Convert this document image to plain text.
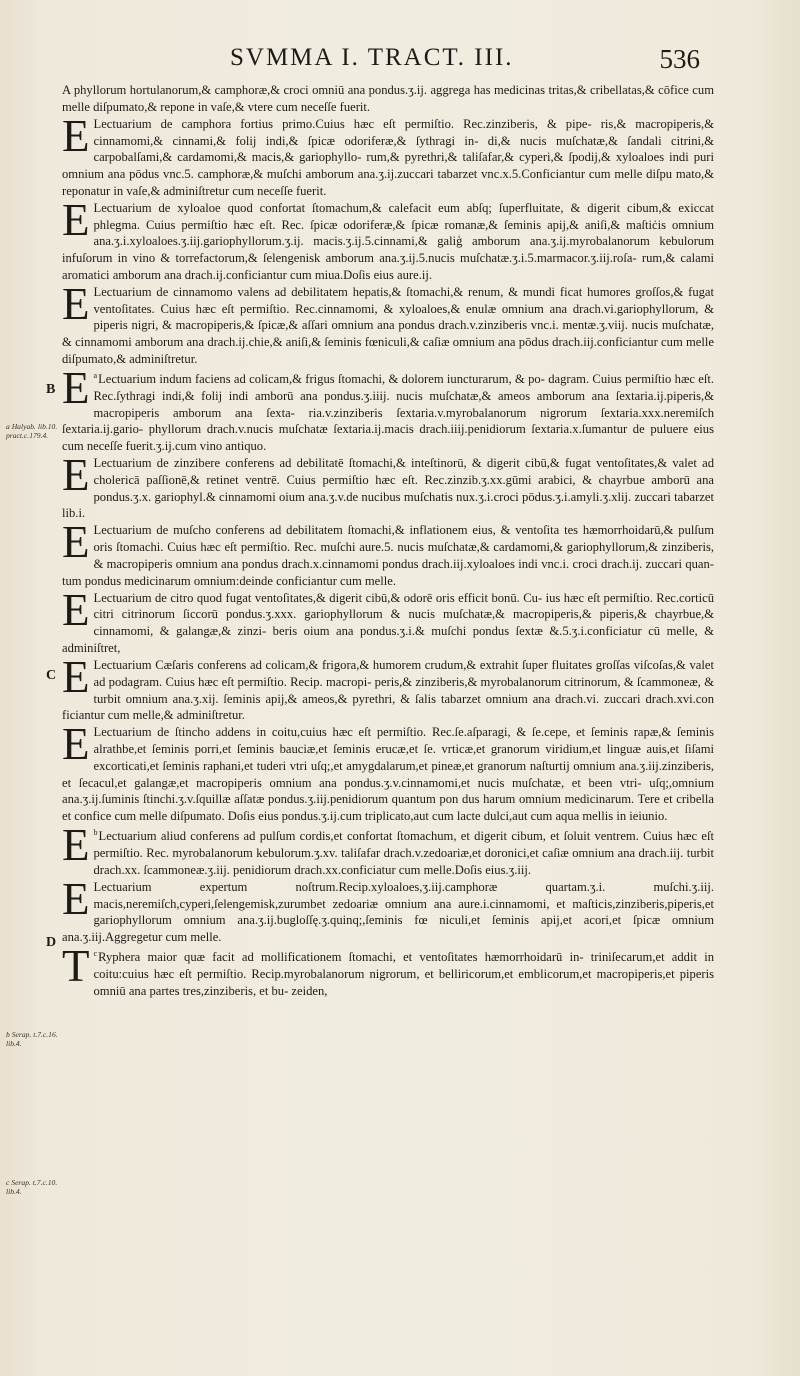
SVMMA I. TRACT. III.	536

A phyllorum hortulanorum,& camphoræ,& croci omniū ana pondus.ʒ.ij. aggrega has medicinas tritas,& cribellatas,& cōfice cum melle diſpumato,& repone in vaſe,& vtere cum neceſſe fuerit.

E Lectuarium de camphora fortius primo.Cuius hæc eſt permiſtio. Rec.zinziberis, & pipe- ris,& macropiperis,& cinnamomi,& cinnami,& folij indi,& ſpicæ odoriferæ,& ſythragi in- di,& nucis muſchatæ,& ſandali citrini,& carpobalſami,& cardamomi,& macis,& gariophyllo- rum,& pyrethri,& taliſafar,& cyperi,& ſpodij,& xyloaloes indi puri omnium ana pōdus vnc.5. camphoræ,& muſchi amborum ana.ʒ.ij.zuccari tabarzet vnc.x.5.Conficiantur cum melle diſpu mato,& reponatur in vaſe,& adminiſtretur cum neceſſe fuerit.

E Lectuarium de xyloaloe quod confortat ſtomachum,& calefacit eum abſq; ſuperfluitate, & digerit cibum,& exiccat phlegma. Cuius permiſtio hæc eſt. Rec. ſpicæ odoriferæ,& ſpicæ romanæ,& ſeminis apij,& aniſi,& maſtiċis omnium ana.ʒ.i.xyloaloes.ʒ.iij.gariophyllorum.ʒ.ij. macis.ʒ.ij.5.cinnami,& galiģ amborum ana.ʒ.ij.myrobalanorum kebulorum infuſorum in vino & torrefactorum,& ſelengenisk amborum ana.ʒ.ij.5.nucis muſchatæ.ʒ.i.5.marmacor.ʒ.iij.roſa- rum,& calami aromatici amborum ana drach.ij.conficiantur cum miua.Doſis eius aure.ij.

E Lectuarium de cinnamomo valens ad debilitatem hepatis,& ſtomachi,& renum, & mundi ficat humores groſſos,& fugat ventoſitates. Cuius hæc eſt permiſtio. Rec.cinnamomi, & xyloaloes,& enulæ omnium ana drach.vi.gariophyllorum, & piperis nigri, & macropiperis,& ſpicæ,& aſſari omnium ana pondus drach.v.zinziberis vnc.i. mentæ.ʒ.viij. nucis muſchatæ, & cinnamomi amborum ana drach.ij.chie,& aniſi,& ſeminis fœniculi,& caſiæ omnium ana pōdus drach.iij.conficiantur cum melle diſpumato,& adminiſtretur.

E $^a$Lectuarium indum faciens ad colicam,& frigus ſtomachi, & dolorem iuncturarum, & po- dagram. Cuius permiſtio hæc eſt. Rec.ſythragi indi,& folij indi amborū ana pondus.ʒ.iiij. nucis muſchatæ,& ameos amborum ana ſextaria.ij.piperis,& macropiperis amborum ana ſexta- ria.v.zinziberis ſextaria.v.myrobalanorum nigrorum ſextaria.xxx.neremiſch ſextaria.ij.gario- phyllorum drach.v.nucis muſchatæ ſextaria.ij.macis drach.iiij.penidiorum ſextaria.x.ſumantur de puluere eius cum neceſſe fuerit.ʒ.ij.cum vino antiquo.

E Lectuarium de zinzibere conferens ad debilitatē ſtomachi,& inteſtinorū, & digerit cibū,& fugat ventoſitates,& valet ad cholericā paſſionē,& retinet ventrē. Cuius permiſtio hæc eſt. Rec.zinzib.ʒ.xx.gūmi arabici, & chayrbue amborū ana pondus.ʒ.x. gariophyl.& cinnamomi oium ana.ʒ.v.de nucibus muſchatis nux.ʒ.i.croci pōdus.ʒ.i.amyli.ʒ.xlij. zuccari tabarzet lib.i.

E Lectuarium de muſcho conferens ad debilitatem ſtomachi,& inflationem eius, & ventoſita tes hæmorrhoidarū,& pulſum oris ſtomachi. Cuius hæc eſt permiſtio. Rec. muſchi aure.5. nucis muſchatæ,& cardamomi,& gariophyllorum,& zinziberis, & macropiperis omnium ana pondus drach.x.cinnamomi pondus drach.iij.xyloaloes indi vnc.i. croci drach.ij. zuccari quan- tum pondus medicinarum omnium:deinde conficiantur cum melle.

E Lectuarium de citro quod fugat ventoſitates,& digerit cibū,& odorē oris efficit bonū. Cu- ius hæc eſt permiſtio. Rec.corticū citri citrinorum ſiccorū pondus.ʒ.xxx. gariophyllorum & nucis muſchatæ,& macropiperis,& piperis,& chayrbue,& cinnamomi, & galangæ,& zinzi- beris oium ana pondus.ʒ.i.& muſchi pondus ſextæ &.5.ʒ.i.conficiatur cū melle, & adminiſtret,

E Lectuarium Cæſaris conferens ad colicam,& frigora,& humorem crudum,& extrahit ſuper fluitates groſſas viſcoſas,& valet ad podagram. Cuius hæc eſt permiſtio. Recip. macropi- peris,& zinziberis,& myrobalanorum citrinorum, & ſcammoneæ, & turbit omnium ana.ʒ.xij. ſeminis apij,& ameos,& pyrethri, & ſalis tabarzet omnium ana drach.vi. zuccari drach.xvi.con ficiantur cum melle,& adminiſtretur.

E Lectuarium de ſtincho addens in coitu,cuius hæc eſt permiſtio. Rec.ſe.aſparagi, & ſe.cepe, et ſeminis rapæ,& ſeminis alrathbe,et ſeminis porri,et ſeminis bauciæ,et ſeminis erucæ,et ſe. vrticæ,et granorum viridium,et linguæ auis,et ſiſami excorticati,et ſeminis raphani,et tuderi vtri uſq;,et amygdalarum,et pineæ,et granorum naſturtij omnium ana.ʒ.iij.zinziberis, et ſecacul,et galangæ,et macropiperis omnium ana pondus.ʒ.v.cinnamomi,et nucis muſchatæ, et been vtri- uſq;,omnium ana.ʒ.ij.ſuminis ſtinchi.ʒ.v.ſquillæ aſſatæ pondus.ʒ.iij.penidiorum quantum pon dus harum omnium medicinarum. Tere et cribella et confice cum melle diſpumato. Doſis eius pondus.ʒ.ij.cum triplicato,aut cum lacte dulci,aut cum aqua mellis in ieiunio.

E $^b$Lectuarium aliud conferens ad pulſum cordis,et confortat ſtomachum, et digerit cibum, et ſoluit ventrem. Cuius hæc eſt permiſtio. Rec. myrobalanorum kebulorum.ʒ.xv. taliſafar drach.v.zedoariæ,et doronici,et caſiæ omnium ana drach.iij. turbit drach.xx. ſcammoneæ.ʒ.iij. penidiorum drach.xx.conficiatur cum melle.Doſis eius.ʒ.iij.

E Lectuarium expertum noſtrum.Recip.xyloaloes,ʒ.iij.camphoræ quartam.ʒ.i. muſchi.ʒ.iij. macis,neremiſch,cyperi,ſelengemisk,zurumbet zedoariæ omnium ana aure.i.cinnamomi, et maſticis,zinziberis,piperis,et gariophyllorum omnium ana.ʒ.ij.bugloſſę.ʒ.quinq;,ſeminis fœ niculi,et ſeminis apij,et acori,et ſpicæ omnium ana.ʒ.iij.Aggregetur cum melle.

T $^c$Ryphera maior quæ facit ad mollificationem ſtomachi, et ventoſitates hæmorrhoidarū in- triniſecarum,et addit in coitu:cuius hæc eſt permiſtio. Recip.myrobalanorum nigrorum, et belliricorum,et emblicorum,et macropiperis,et piperis omniū ana partes tres,zinziberis, et bu- zeiden,

a Halyab. lib.10. pract.c.179.4.
b Serap. t.7.c.16. lib.4.
c Serap. t.7.c.10. lib.4.
B
C
D
